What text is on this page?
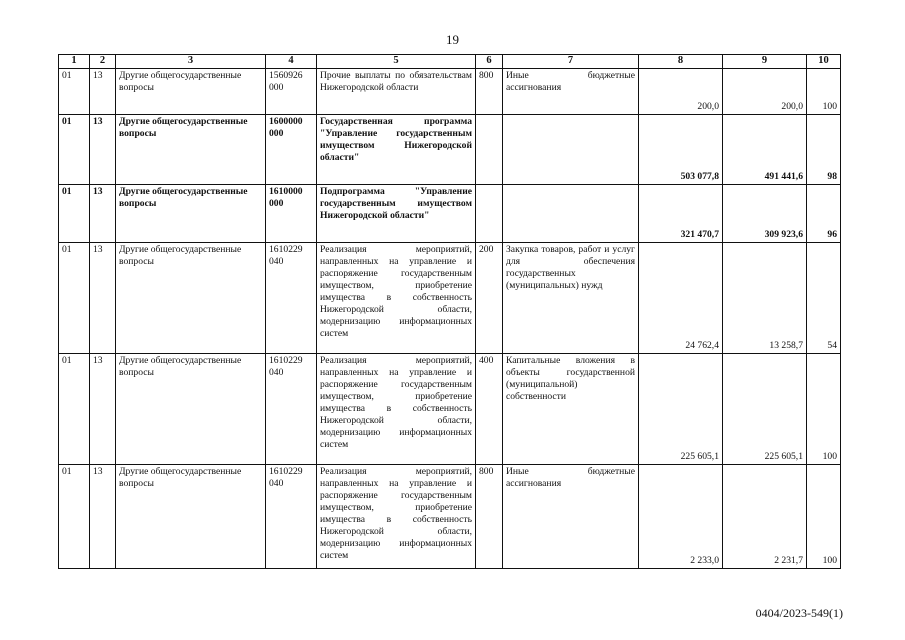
19
1	2	3	4	5	6	7	8	9	10
01	13	Другие общегосударственные вопросы	1560926 000	Прочие выплаты по обязательствам Нижегородской области	800	Иные бюджетные ассигнования	200,0	200,0	100
01	13	Другие общегосударственные вопросы	1600000 000	Государственная программа "Управление государственным имуществом Нижегородской области"			503 077,8	491 441,6	98
01	13	Другие общегосударственные вопросы	1610000 000	Подпрограмма "Управление государственным имуществом Нижегородской области"			321 470,7	309 923,6	96
01	13	Другие общегосударственные вопросы	1610229 040	Реализация мероприятий, направленных на управление и распоряжение государственным имуществом, приобретение имущества в собственность Нижегородской области, модернизацию информационных систем	200	Закупка товаров, работ и услуг для обеспечения государственных (муниципальных) нужд	24 762,4	13 258,7	54
01	13	Другие общегосударственные вопросы	1610229 040	Реализация мероприятий, направленных на управление и распоряжение государственным имуществом, приобретение имущества в собственность Нижегородской области, модернизацию информационных систем	400	Капитальные вложения в объекты государственной (муниципальной) собственности	225 605,1	225 605,1	100
01	13	Другие общегосударственные вопросы	1610229 040	Реализация мероприятий, направленных на управление и распоряжение государственным имуществом, приобретение имущества в собственность Нижегородской области, модернизацию информационных систем	800	Иные бюджетные ассигнования	2 233,0	2 231,7	100
0404/2023-549(1)
